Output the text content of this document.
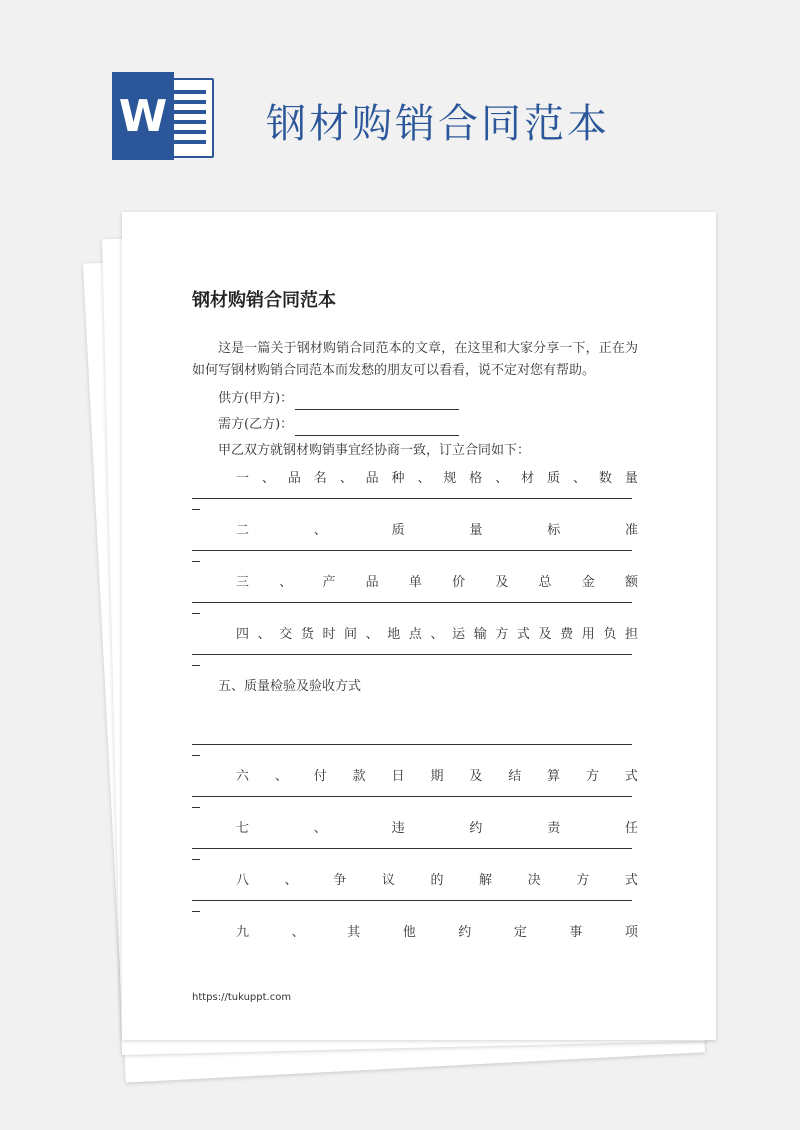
W 钢材购销合同范本
钢材购销合同范本

这是一篇关于钢材购销合同范本的文章，在这里和大家分享一下，正在为如何写钢材购销合同范本而发愁的朋友可以看看，说不定对您有帮助。

供方(甲方)：
需方(乙方)：
甲乙双方就钢材购销事宜经协商一致，订立合同如下：
一 、 品 名 、 品 种 、 规 格 、 材 质 、 数 量
二	、	质	量	标	准
三 、 产 品 单 价 及 总 金 额
四 、 交 货 时 间 、 地 点 、 运 输 方 式 及 费 用 负 担
五、质量检验及验收方式
六 、 付 款 日 期 及 结 算 方 式
七	、	违	约	责	任
八	、	争	议	的	解	决	方	式
九	、	其	他	约	定	事	项
https://tukuppt.com
